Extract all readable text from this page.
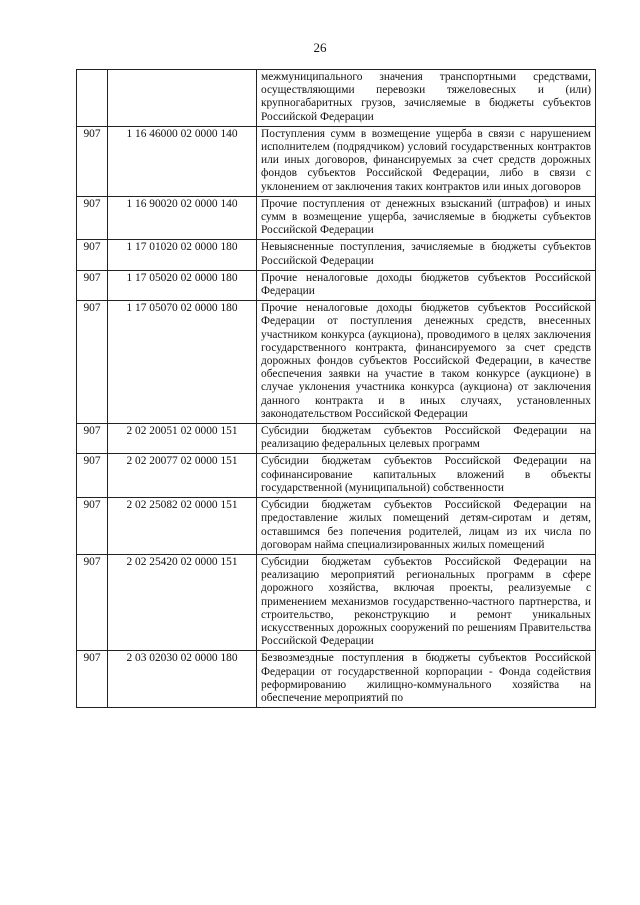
26
		межмуниципального значения транспортными средствами, осуществляющими перевозки тяжеловесных и (или) крупногабаритных грузов, зачисляемые в бюджеты субъектов Российской Федерации
907	1 16 46000 02 0000 140	Поступления сумм в возмещение ущерба в связи с нарушением исполнителем (подрядчиком) условий государственных контрактов или иных договоров, финансируемых за счет средств дорожных фондов субъектов Российской Федерации, либо в связи с уклонением от заключения таких контрактов или иных договоров
907	1 16 90020 02 0000 140	Прочие поступления от денежных взысканий (штрафов) и иных сумм в возмещение ущерба, зачисляемые в бюджеты субъектов Российской Федерации
907	1 17 01020 02 0000 180	Невыясненные поступления, зачисляемые в бюджеты субъектов Российской Федерации
907	1 17 05020 02 0000 180	Прочие неналоговые доходы бюджетов субъектов Российской Федерации
907	1 17 05070 02 0000 180	Прочие неналоговые доходы бюджетов субъектов Российской Федерации от поступления денежных средств, внесенных участником конкурса (аукциона), проводимого в целях заключения государственного контракта, финансируемого за счет средств дорожных фондов субъектов Российской Федерации, в качестве обеспечения заявки на участие в таком конкурсе (аукционе) в случае уклонения участника конкурса (аукциона) от заключения данного контракта и в иных случаях, установленных законодательством Российской Федерации
907	2 02 20051 02 0000 151	Субсидии бюджетам субъектов Российской Федерации на реализацию федеральных целевых программ
907	2 02 20077 02 0000 151	Субсидии бюджетам субъектов Российской Федерации на софинансирование капитальных вложений в объекты государственной (муниципальной) собственности
907	2 02 25082 02 0000 151	Субсидии бюджетам субъектов Российской Федерации на предоставление жилых помещений детям-сиротам и детям, оставшимся без попечения родителей, лицам из их числа по договорам найма специализированных жилых помещений
907	2 02 25420 02 0000 151	Субсидии бюджетам субъектов Российской Федерации на реализацию мероприятий региональных программ в сфере дорожного хозяйства, включая проекты, реализуемые с применением механизмов государственно-частного партнерства, и строительство, реконструкцию и ремонт уникальных искусственных дорожных сооружений по решениям Правительства Российской Федерации
907	2 03 02030 02 0000 180	Безвозмездные поступления в бюджеты субъектов Российской Федерации от государственной корпорации - Фонда содействия реформированию жилищно-коммунального хозяйства на обеспечение мероприятий по
